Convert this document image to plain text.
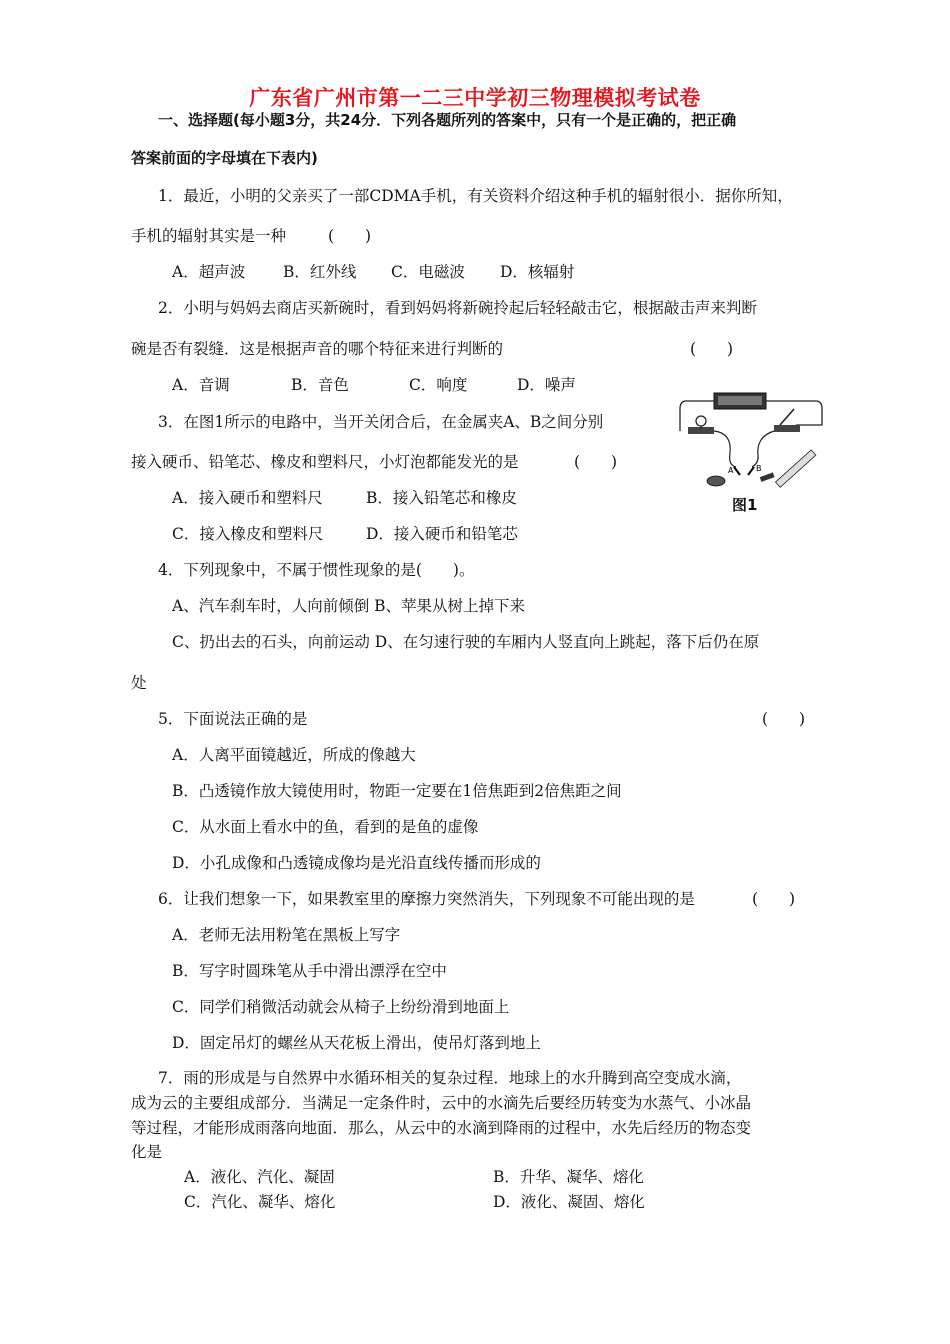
广东省广州市第一二三中学初三物理模拟考试卷
一、选择题(每小题3分，共24分．下列各题所列的答案中，只有一个是正确的，把正确
答案前面的字母填在下表内)
1．最近，小明的父亲买了一部CDMA手机，有关资料介绍这种手机的辐射很小．据你所知，
手机的辐射其实是一种	(　　)
A．超声波 B．红外线 C．电磁波 D．核辐射
2．小明与妈妈去商店买新碗时，看到妈妈将新碗拎起后轻轻敲击它，根据敲击声来判断
碗是否有裂缝．这是根据声音的哪个特征来进行判断的	(　　)
A．音调	B．音色	C．响度	D．噪声
3．在图1所示的电路中，当开关闭合后，在金属夹A、B之间分别
接入硬币、铅笔芯、橡皮和塑料尺，小灯泡都能发光的是	(　　)
A．接入硬币和塑料尺	B．接入铅笔芯和橡皮
C．接入橡皮和塑料尺	D．接入硬币和铅笔芯
A	B
图1
4．下列现象中，不属于惯性现象的是(　　)。
A、汽车刹车时，人向前倾倒 B、苹果从树上掉下来
C、扔出去的石头，向前运动 D、在匀速行驶的车厢内人竖直向上跳起，落下后仍在原
处
5．下面说法正确的是	(　　)
A．人离平面镜越近，所成的像越大
B．凸透镜作放大镜使用时，物距一定要在1倍焦距到2倍焦距之间
C．从水面上看水中的鱼，看到的是鱼的虚像
D．小孔成像和凸透镜成像均是光沿直线传播而形成的
6．让我们想象一下，如果教室里的摩擦力突然消失，下列现象不可能出现的是	(　　)
A．老师无法用粉笔在黑板上写字
B．写字时圆珠笔从手中滑出漂浮在空中
C．同学们稍微活动就会从椅子上纷纷滑到地面上
D．固定吊灯的螺丝从天花板上滑出，使吊灯落到地上
7．雨的形成是与自然界中水循环相关的复杂过程．地球上的水升腾到高空变成水滴，
成为云的主要组成部分．当满足一定条件时，云中的水滴先后要经历转变为水蒸气、小冰晶
等过程，才能形成雨落向地面．那么，从云中的水滴到降雨的过程中，水先后经历的物态变
化是
A．液化、汽化、凝固	B．升华、凝华、熔化
C．汽化、凝华、熔化	D．液化、凝固、熔化
